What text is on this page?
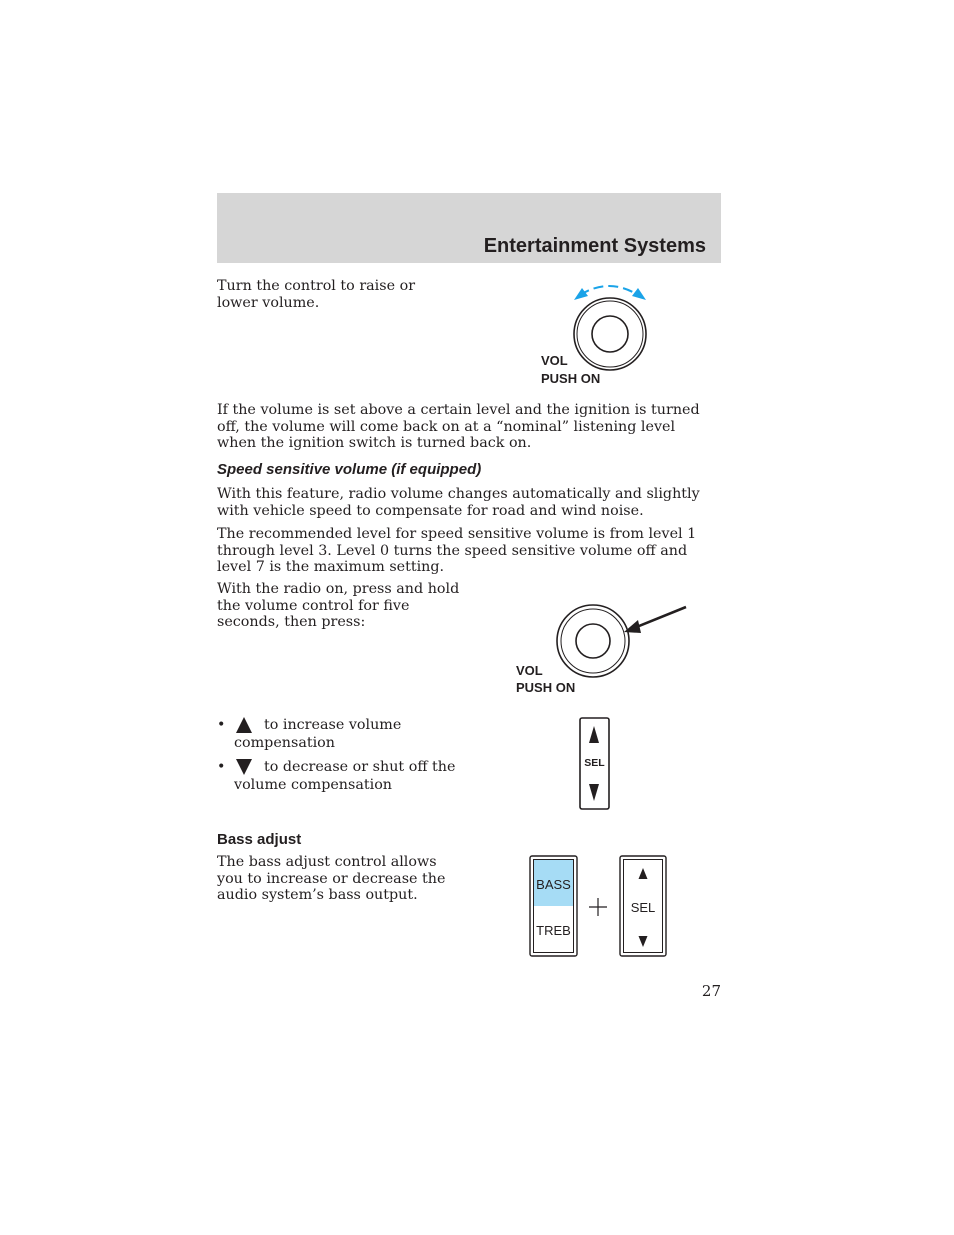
Entertainment Systems
Turn the control to raise or lower volume.
VOL
PUSH ON
If the volume is set above a certain level and the ignition is turned off, the volume will come back on at a “nominal” listening level when the ignition switch is turned back on.
Speed sensitive volume (if equipped)
With this feature, radio volume changes automatically and slightly with vehicle speed to compensate for road and wind noise.
The recommended level for speed sensitive volume is from level 1 through level 3. Level 0 turns the speed sensitive volume off and level 7 is the maximum setting.
With the radio on, press and hold the volume control for five seconds, then press:
VOL
PUSH ON
•	to increase volume
compensation
•	to decrease or shut off the
volume compensation
SEL
Bass adjust
The bass adjust control allows you to increase or decrease the audio system’s bass output.
BASS
TREB
SEL
27
